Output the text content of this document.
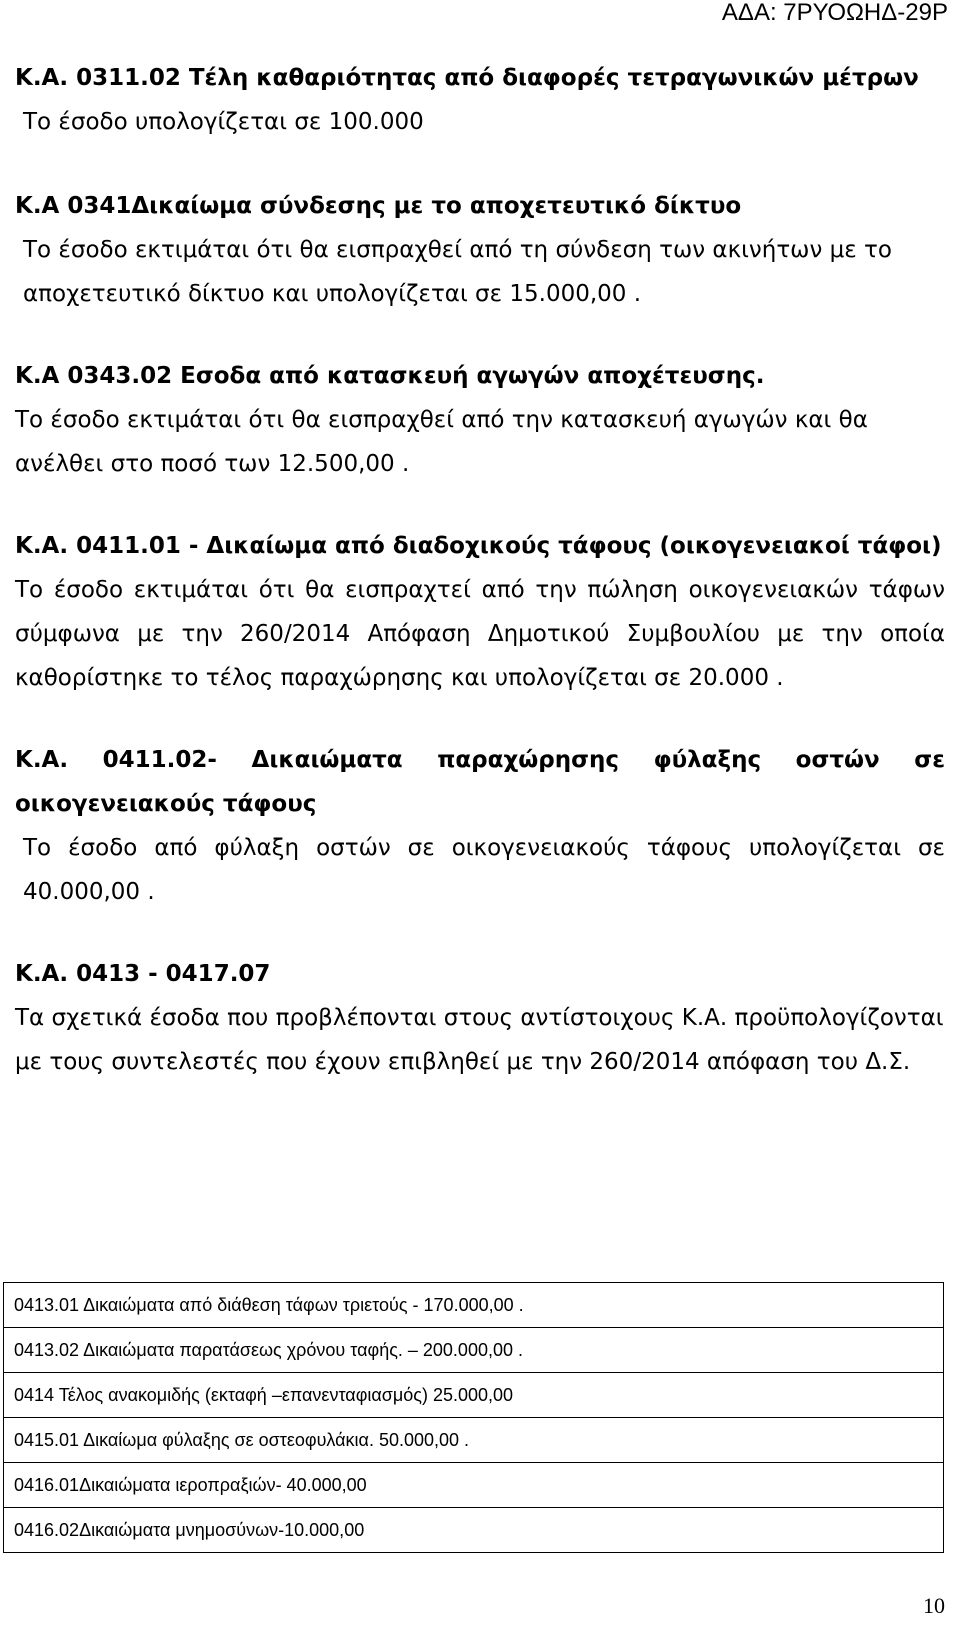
ΑΔΑ: 7ΡΥΟΩΗΔ-29Ρ

Κ.Α. 0311.02 Τέλη καθαριότητας από διαφορές τετραγωνικών μέτρων

Το έσοδο υπολογίζεται σε 100.000

Κ.Α 0341Δικαίωμα σύνδεσης με το αποχετευτικό δίκτυο

Το έσοδο εκτιμάται ότι θα εισπραχθεί από τη σύνδεση των ακινήτων με το αποχετευτικό δίκτυο και υπολογίζεται σε 15.000,00 .

Κ.Α 0343.02 Εσοδα από κατασκευή αγωγών αποχέτευσης.

Το έσοδο εκτιμάται ότι θα εισπραχθεί από την κατασκευή αγωγών και θα ανέλθει στο ποσό των 12.500,00 .

Κ.Α. 0411.01 - Δικαίωμα από διαδοχικούς τάφους (οικογενειακοί τάφοι)

Το έσοδο εκτιμάται ότι θα εισπραχτεί από την πώληση οικογενειακών τάφων σύμφωνα με την 260/2014 Απόφαση Δημοτικού Συμβουλίου με την οποία καθορίστηκε το τέλος παραχώρησης και υπολογίζεται σε 20.000 .

Κ.Α. 0411.02- Δικαιώματα παραχώρησης φύλαξης οστών σε οικογενειακούς τάφους

Το έσοδο από φύλαξη οστών σε οικογενειακούς τάφους υπολογίζεται σε 40.000,00 .

Κ.Α. 0413 - 0417.07

Τα σχετικά έσοδα που προβλέπονται στους αντίστοιχους Κ.Α. προϋπολογίζονται με τους συντελεστές που έχουν επιβληθεί με την 260/2014 απόφαση του Δ.Σ.

0413.01 Δικαιώματα από διάθεση τάφων τριετούς - 170.000,00 .
0413.02 Δικαιώματα παρατάσεως χρόνου ταφής. – 200.000,00 .
0414 Τέλος ανακομιδής (εκταφή –επανενταφιασμός) 25.000,00
0415.01 Δικαίωμα φύλαξης σε οστεοφυλάκια. 50.000,00 .
0416.01Δικαιώματα ιεροπραξιών- 40.000,00
0416.02Δικαιώματα μνημοσύνων-10.000,00
10
